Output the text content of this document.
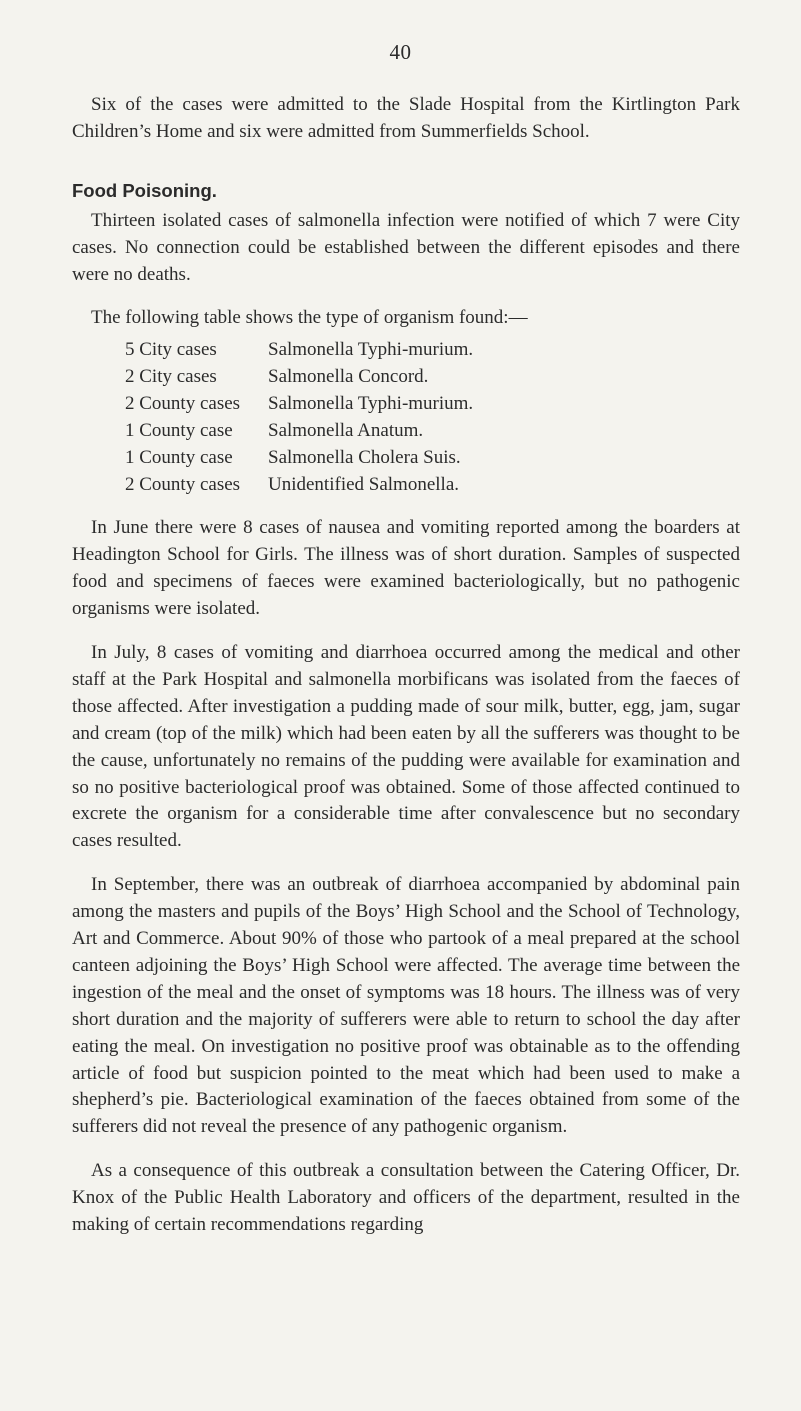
40

Six of the cases were admitted to the Slade Hospital from the Kirtlington Park Children’s Home and six were admitted from Summerfields School.

Food Poisoning.

Thirteen isolated cases of salmonella infection were notified of which 7 were City cases. No connection could be established between the different episodes and there were no deaths.

The following table shows the type of organism found:—

5 City cases	Salmonella Typhi-murium.
2 City cases	Salmonella Concord.
2 County cases	Salmonella Typhi-murium.
1 County case	Salmonella Anatum.
1 County case	Salmonella Cholera Suis.
2 County cases	Unidentified Salmonella.

In June there were 8 cases of nausea and vomiting reported among the boarders at Headington School for Girls. The illness was of short duration. Samples of suspected food and specimens of faeces were examined bacteriologically, but no pathogenic organisms were isolated.

In July, 8 cases of vomiting and diarrhoea occurred among the medical and other staff at the Park Hospital and salmonella morbificans was isolated from the faeces of those affected. After investigation a pudding made of sour milk, butter, egg, jam, sugar and cream (top of the milk) which had been eaten by all the sufferers was thought to be the cause, unfortunately no remains of the pudding were available for examination and so no positive bacteriological proof was obtained. Some of those affected continued to excrete the organism for a considerable time after convalescence but no secondary cases resulted.

In September, there was an outbreak of diarrhoea accompanied by abdominal pain among the masters and pupils of the Boys’ High School and the School of Technology, Art and Commerce. About 90% of those who partook of a meal prepared at the school canteen adjoining the Boys’ High School were affected. The average time between the ingestion of the meal and the onset of symptoms was 18 hours. The illness was of very short duration and the majority of sufferers were able to return to school the day after eating the meal. On investigation no positive proof was obtainable as to the offending article of food but suspicion pointed to the meat which had been used to make a shepherd’s pie. Bacteriological examination of the faeces obtained from some of the sufferers did not reveal the presence of any pathogenic organism.

As a consequence of this outbreak a consultation between the Catering Officer, Dr. Knox of the Public Health Laboratory and officers of the department, resulted in the making of certain recommendations regarding
